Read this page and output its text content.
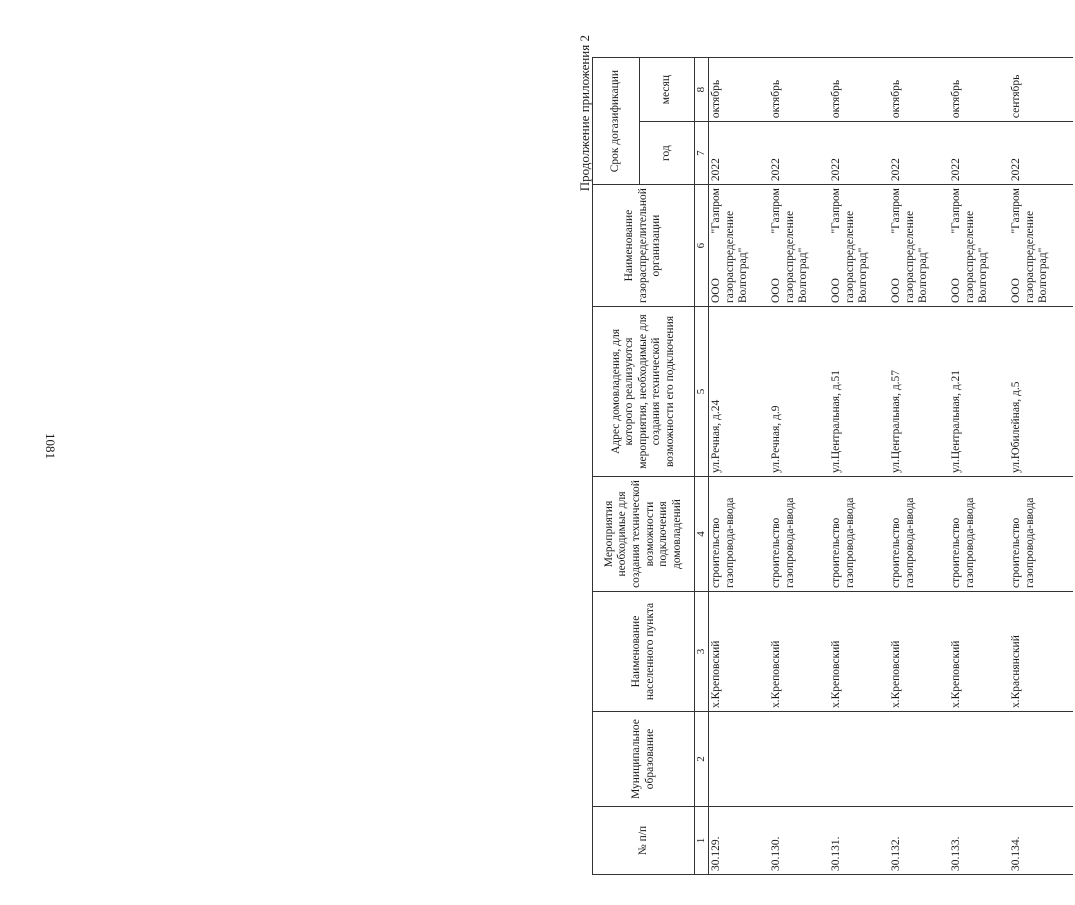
1081
Продолжение приложения 2
№ п/п	Муниципальное образование	Наименование населенного пункта	Мероприятия необходимые для создания технической возможности подключения домовладений	Адрес домовладения, для которого реализуются мероприятия, необходимые для создания технической возможности его подключения	Наименование газораспределительной организации	Срок догазификации	
						год	месяц
1	2	3	4	5	6	7	8
30.129.		х.Креповский	строительство газопровода-ввода	ул.Речная, д.24	ООО "Газпром газораспределение Волгоград"	2022	октябрь
30.130.		х.Креповский	строительство газопровода-ввода	ул.Речная, д.9	ООО "Газпром газораспределение Волгоград"	2022	октябрь
30.131.		х.Креповский	строительство газопровода-ввода	ул.Центральная, д.51	ООО "Газпром газораспределение Волгоград"	2022	октябрь
30.132.		х.Креповский	строительство газопровода-ввода	ул.Центральная, д.57	ООО "Газпром газораспределение Волгоград"	2022	октябрь
30.133.		х.Креповский	строительство газопровода-ввода	ул.Центральная, д.21	ООО "Газпром газораспределение Волгоград"	2022	октябрь
30.134.		х.Краснянский	строительство газопровода-ввода	ул.Юбилейная, д.5	ООО "Газпром газораспределение Волгоград"	2022	сентябрь
